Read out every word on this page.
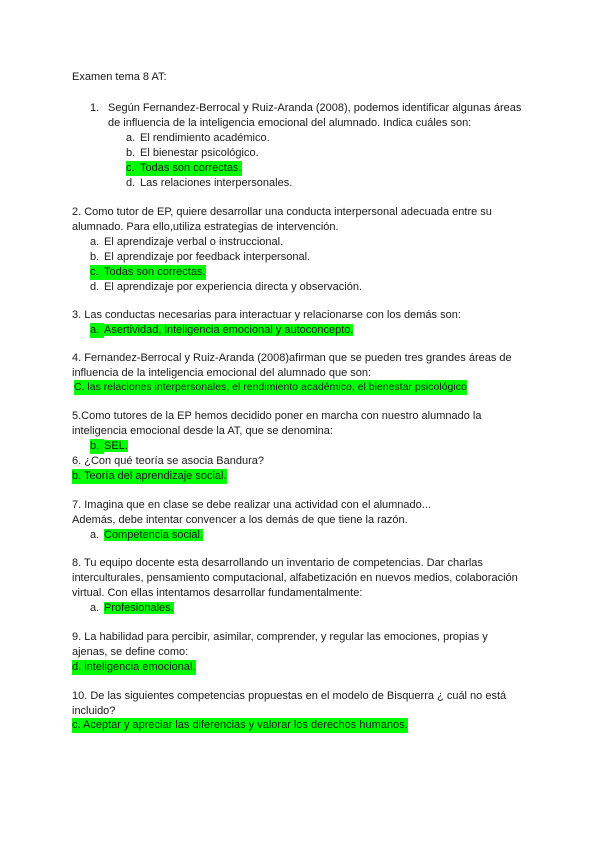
Examen tema 8 AT:
1. Según Fernandez-Berrocal y Ruiz-Aranda (2008), podemos identificar algunas áreas
de influencia de la inteligencia emocional del alumnado. Indica cuáles son:
a. El rendimiento académico.
b. El bienestar psicológico.
c. Todas son correctas.
d. Las relaciones interpersonales.
2. Como tutor de EP, quiere desarrollar una conducta interpersonal adecuada entre su
alumnado. Para ello,utiliza estrategias de intervención.
a. El aprendizaje verbal o instruccional.
b. El aprendizaje por feedback interpersonal.
c. Todas son correctas.
d. El aprendizaje por experiencia directa y observación.
3. Las conductas necesarias para interactuar y relacionarse con los demás son:
a. Asertividad, inteligencia emocional y autoconcepto.
4. Fernandez-Berrocal y Ruiz-Aranda (2008)afirman que se pueden tres grandes áreas de
influencia de la inteligencia emocional del alumnado que son:
C. las relaciones interpersonales, el rendimiento académico, el bienestar psicológico
5.Como tutores de la EP hemos decidido poner en marcha con nuestro alumnado la
inteligencia emocional desde la AT, que se denomina:
b. SEL.
6. ¿Con qué teoría se asocia Bandura?
b. Teoría del aprendizaje social.
7. Imagina que en clase se debe realizar una actividad con el alumnado...
Además, debe intentar convencer a los demás de que tiene la razón.
a. Competencia social.
8. Tu equipo docente esta desarrollando un inventario de competencias. Dar charlas
interculturales, pensamiento computacional, alfabetización en nuevos medios, colaboración
virtual. Con ellas intentamos desarrollar fundamentalmente:
a. Profesionales.
9. La habilidad para percibir, asimilar, comprender, y regular las emociones, propias y
ajenas, se define como:
d. inteligencia emocional.
10. De las siguientes competencias propuestas en el modelo de Bisquerra ¿ cuál no está
incluido?
c. Aceptar y apreciar las diferencias y valorar los derechos humanos.
